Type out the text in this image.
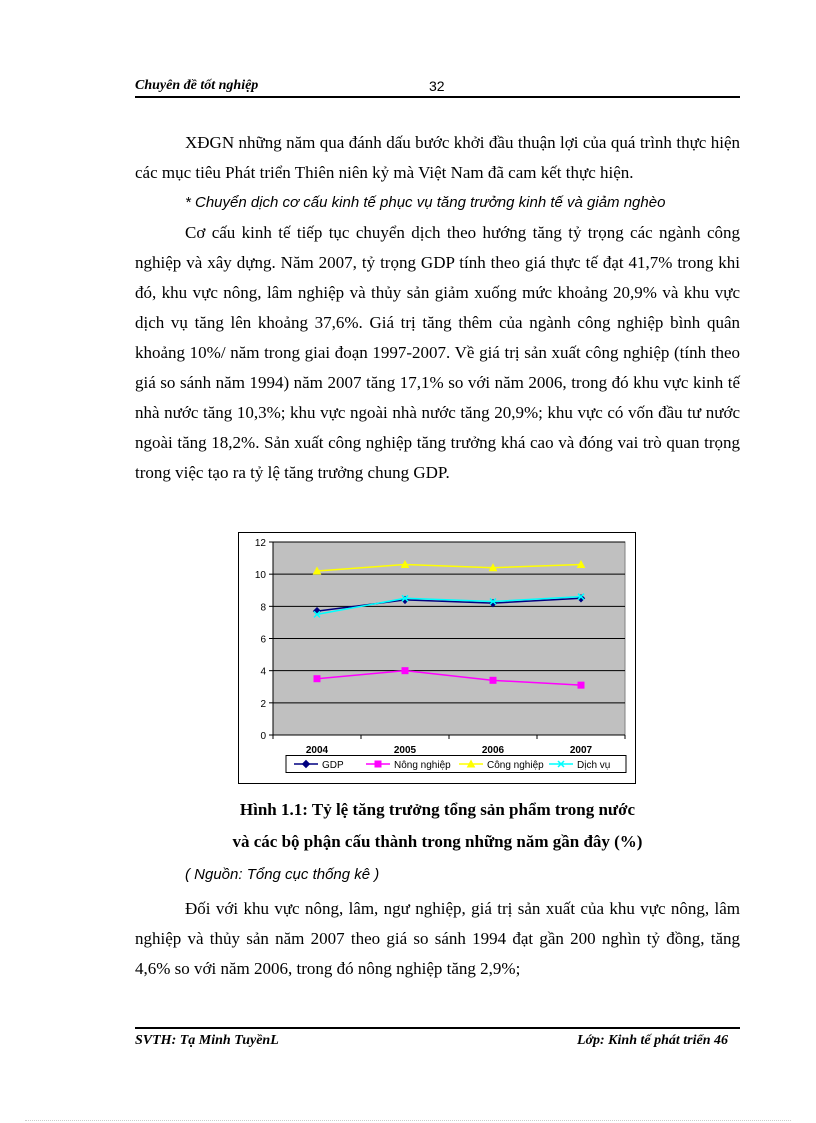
Chuyên đề tốt nghiệp	32

XĐGN những năm qua đánh dấu bước khởi đầu thuận lợi của quá trình thực hiện các mục tiêu Phát triển Thiên niên kỷ mà Việt Nam đã cam kết thực hiện.

* Chuyển dịch cơ cấu kinh tế phục vụ tăng trưởng kinh tế và giảm nghèo

Cơ cấu kinh tế tiếp tục chuyển dịch theo hướng tăng tỷ trọng các ngành công nghiệp và xây dựng. Năm 2007, tỷ trọng GDP tính theo giá thực tế đạt 41,7% trong khi đó, khu vực nông, lâm nghiệp và thủy sản giảm xuống mức khoảng 20,9% và khu vực dịch vụ tăng lên khoảng 37,6%. Giá trị tăng thêm của ngành công nghiệp bình quân khoảng 10%/ năm trong giai đoạn 1997-2007. Về giá trị sản xuất công nghiệp (tính theo giá so sánh năm 1994) năm 2007 tăng 17,1% so với năm 2006, trong đó khu vực kinh tế nhà nước tăng 10,3%; khu vực ngoài nhà nước tăng 20,9%; khu vực có vốn đầu tư nước ngoài tăng 18,2%. Sản xuất công nghiệp tăng trưởng khá cao và đóng vai trò quan trọng trong việc tạo ra tỷ lệ tăng trưởng chung GDP.

0
2
4
6
8
10
12
2004	2005	2006	2007
GDP	Nông nghiệp	Công nghiệp	Dịch vụ
Hình 1.1: Tỷ lệ tăng trưởng tổng sản phẩm trong nước
và các bộ phận cấu thành trong những năm gần đây (%)
( Nguồn: Tổng cục thống kê )

Đối với khu vực nông, lâm, ngư nghiệp, giá trị sản xuất của khu vực nông, lâm nghiệp và thủy sản năm 2007 theo giá so sánh 1994 đạt gần 200 nghìn tỷ đồng, tăng 4,6% so với năm 2006, trong đó nông nghiệp tăng 2,9%;

SVTH: Tạ Minh TuyềnL	Lớp: Kinh tế phát triển 46
